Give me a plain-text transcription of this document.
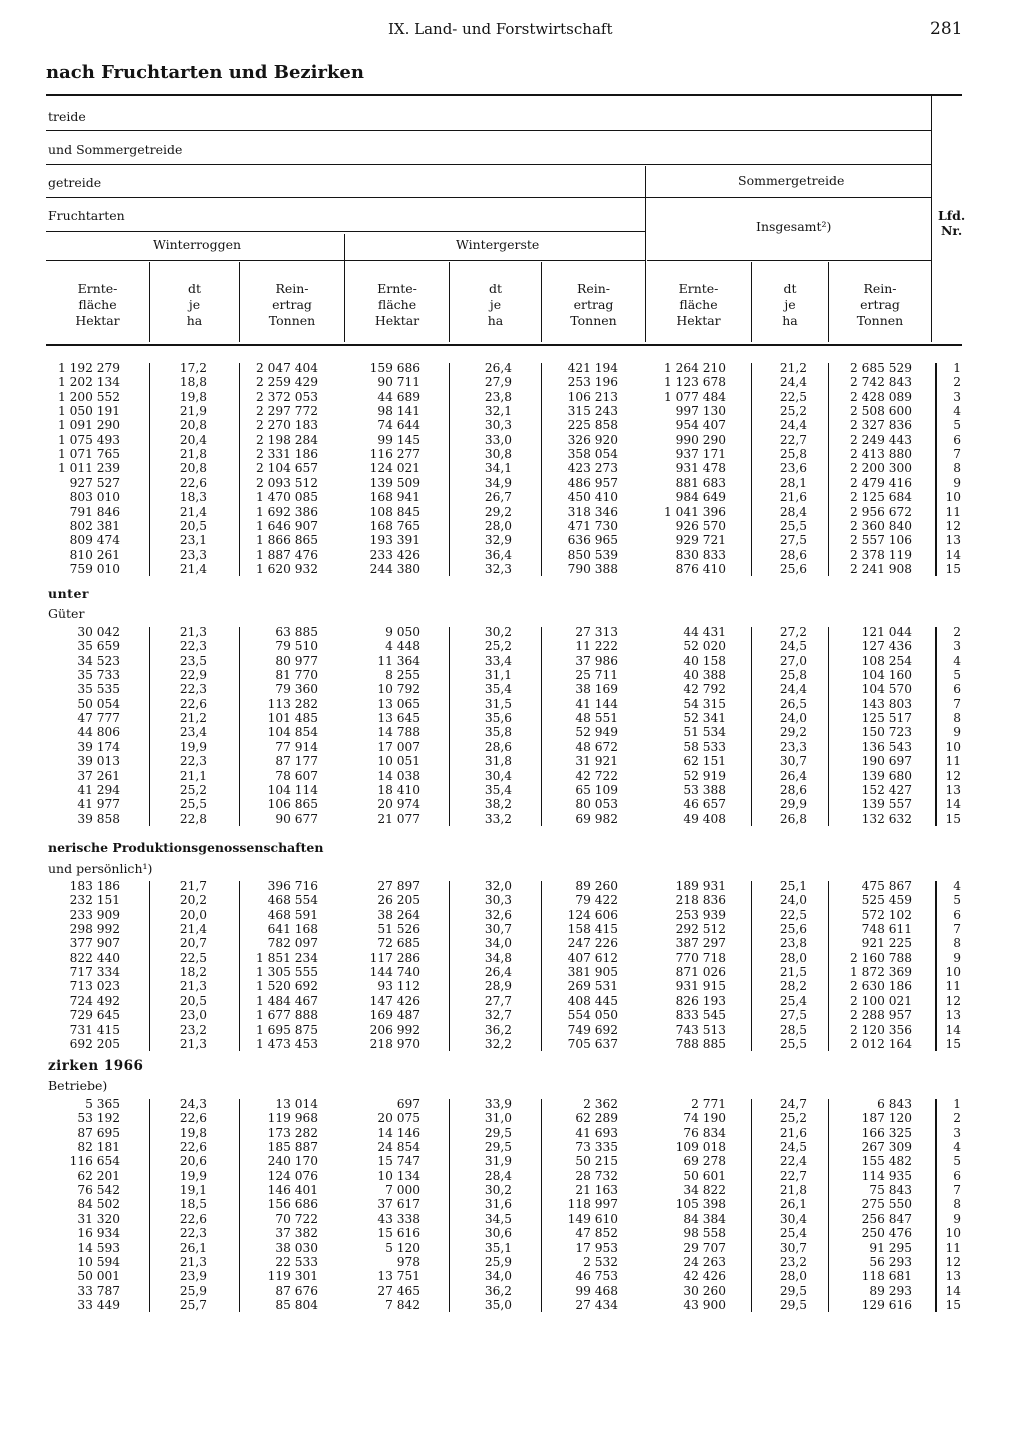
IX. Land- und Forstwirtschaft	281
nach Fruchtarten und Bezirken
treide
und Sommergetreide
getreide	Sommergetreide
Fruchtarten
Insgesamt²)
Lfd.
Nr.
Winterroggen	Wintergerste
Ernte-
fläche
Hektar
dt
je
ha
Rein-
ertrag
Tonnen
Ernte-
fläche
Hektar
dt
je
ha
Rein-
ertrag
Tonnen
Ernte-
fläche
Hektar
dt
je
ha
Rein-
ertrag
Tonnen
unter
Güter
nerische Produktionsgenossenschaften
und persönlich¹)
zirken 1966
Betriebe)
1 192 279	17,2	2 047 404	159 686	26,4	421 194	1 264 210	21,2	2 685 529	1
1 202 134	18,8	2 259 429	90 711	27,9	253 196	1 123 678	24,4	2 742 843	2
1 200 552	19,8	2 372 053	44 689	23,8	106 213	1 077 484	22,5	2 428 089	3
1 050 191	21,9	2 297 772	98 141	32,1	315 243	997 130	25,2	2 508 600	4
1 091 290	20,8	2 270 183	74 644	30,3	225 858	954 407	24,4	2 327 836	5
1 075 493	20,4	2 198 284	99 145	33,0	326 920	990 290	22,7	2 249 443	6
1 071 765	21,8	2 331 186	116 277	30,8	358 054	937 171	25,8	2 413 880	7
1 011 239	20,8	2 104 657	124 021	34,1	423 273	931 478	23,6	2 200 300	8
927 527	22,6	2 093 512	139 509	34,9	486 957	881 683	28,1	2 479 416	9
803 010	18,3	1 470 085	168 941	26,7	450 410	984 649	21,6	2 125 684	10
791 846	21,4	1 692 386	108 845	29,2	318 346	1 041 396	28,4	2 956 672	11
802 381	20,5	1 646 907	168 765	28,0	471 730	926 570	25,5	2 360 840	12
809 474	23,1	1 866 865	193 391	32,9	636 965	929 721	27,5	2 557 106	13
810 261	23,3	1 887 476	233 426	36,4	850 539	830 833	28,6	2 378 119	14
759 010	21,4	1 620 932	244 380	32,3	790 388	876 410	25,6	2 241 908	15
30 042	21,3	63 885	9 050	30,2	27 313	44 431	27,2	121 044	2
35 659	22,3	79 510	4 448	25,2	11 222	52 020	24,5	127 436	3
34 523	23,5	80 977	11 364	33,4	37 986	40 158	27,0	108 254	4
35 733	22,9	81 770	8 255	31,1	25 711	40 388	25,8	104 160	5
35 535	22,3	79 360	10 792	35,4	38 169	42 792	24,4	104 570	6
50 054	22,6	113 282	13 065	31,5	41 144	54 315	26,5	143 803	7
47 777	21,2	101 485	13 645	35,6	48 551	52 341	24,0	125 517	8
44 806	23,4	104 854	14 788	35,8	52 949	51 534	29,2	150 723	9
39 174	19,9	77 914	17 007	28,6	48 672	58 533	23,3	136 543	10
39 013	22,3	87 177	10 051	31,8	31 921	62 151	30,7	190 697	11
37 261	21,1	78 607	14 038	30,4	42 722	52 919	26,4	139 680	12
41 294	25,2	104 114	18 410	35,4	65 109	53 388	28,6	152 427	13
41 977	25,5	106 865	20 974	38,2	80 053	46 657	29,9	139 557	14
39 858	22,8	90 677	21 077	33,2	69 982	49 408	26,8	132 632	15
183 186	21,7	396 716	27 897	32,0	89 260	189 931	25,1	475 867	4
232 151	20,2	468 554	26 205	30,3	79 422	218 836	24,0	525 459	5
233 909	20,0	468 591	38 264	32,6	124 606	253 939	22,5	572 102	6
298 992	21,4	641 168	51 526	30,7	158 415	292 512	25,6	748 611	7
377 907	20,7	782 097	72 685	34,0	247 226	387 297	23,8	921 225	8
822 440	22,5	1 851 234	117 286	34,8	407 612	770 718	28,0	2 160 788	9
717 334	18,2	1 305 555	144 740	26,4	381 905	871 026	21,5	1 872 369	10
713 023	21,3	1 520 692	93 112	28,9	269 531	931 915	28,2	2 630 186	11
724 492	20,5	1 484 467	147 426	27,7	408 445	826 193	25,4	2 100 021	12
729 645	23,0	1 677 888	169 487	32,7	554 050	833 545	27,5	2 288 957	13
731 415	23,2	1 695 875	206 992	36,2	749 692	743 513	28,5	2 120 356	14
692 205	21,3	1 473 453	218 970	32,2	705 637	788 885	25,5	2 012 164	15
5 365	24,3	13 014	697	33,9	2 362	2 771	24,7	6 843	1
53 192	22,6	119 968	20 075	31,0	62 289	74 190	25,2	187 120	2
87 695	19,8	173 282	14 146	29,5	41 693	76 834	21,6	166 325	3
82 181	22,6	185 887	24 854	29,5	73 335	109 018	24,5	267 309	4
116 654	20,6	240 170	15 747	31,9	50 215	69 278	22,4	155 482	5
62 201	19,9	124 076	10 134	28,4	28 732	50 601	22,7	114 935	6
76 542	19,1	146 401	7 000	30,2	21 163	34 822	21,8	75 843	7
84 502	18,5	156 686	37 617	31,6	118 997	105 398	26,1	275 550	8
31 320	22,6	70 722	43 338	34,5	149 610	84 384	30,4	256 847	9
16 934	22,3	37 382	15 616	30,6	47 852	98 558	25,4	250 476	10
14 593	26,1	38 030	5 120	35,1	17 953	29 707	30,7	91 295	11
10 594	21,3	22 533	978	25,9	2 532	24 263	23,2	56 293	12
50 001	23,9	119 301	13 751	34,0	46 753	42 426	28,0	118 681	13
33 787	25,9	87 676	27 465	36,2	99 468	30 260	29,5	89 293	14
33 449	25,7	85 804	7 842	35,0	27 434	43 900	29,5	129 616	15
